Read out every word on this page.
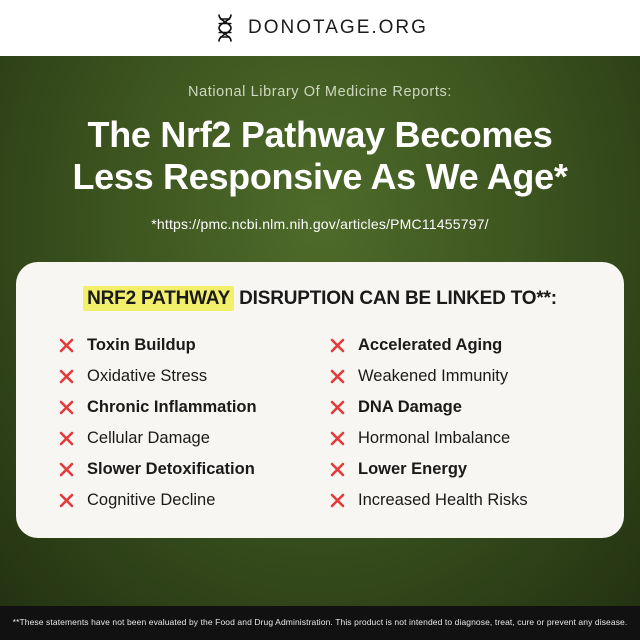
DONOTAGE.ORG

National Library Of Medicine Reports:

The Nrf2 Pathway Becomes
Less Responsive As We Age*
*https://pmc.ncbi.nlm.nih.gov/articles/PMC11455797/
NRF2 PATHWAY DISRUPTION CAN BE LINKED TO**:
Toxin Buildup
Oxidative Stress
Chronic Inflammation
Cellular Damage
Slower Detoxification
Cognitive Decline
Accelerated Aging
Weakened Immunity
DNA Damage
Hormonal Imbalance
Lower Energy
Increased Health Risks
**These statements have not been evaluated by the Food and Drug Administration. This product is not intended to diagnose, treat, cure or prevent any disease.
